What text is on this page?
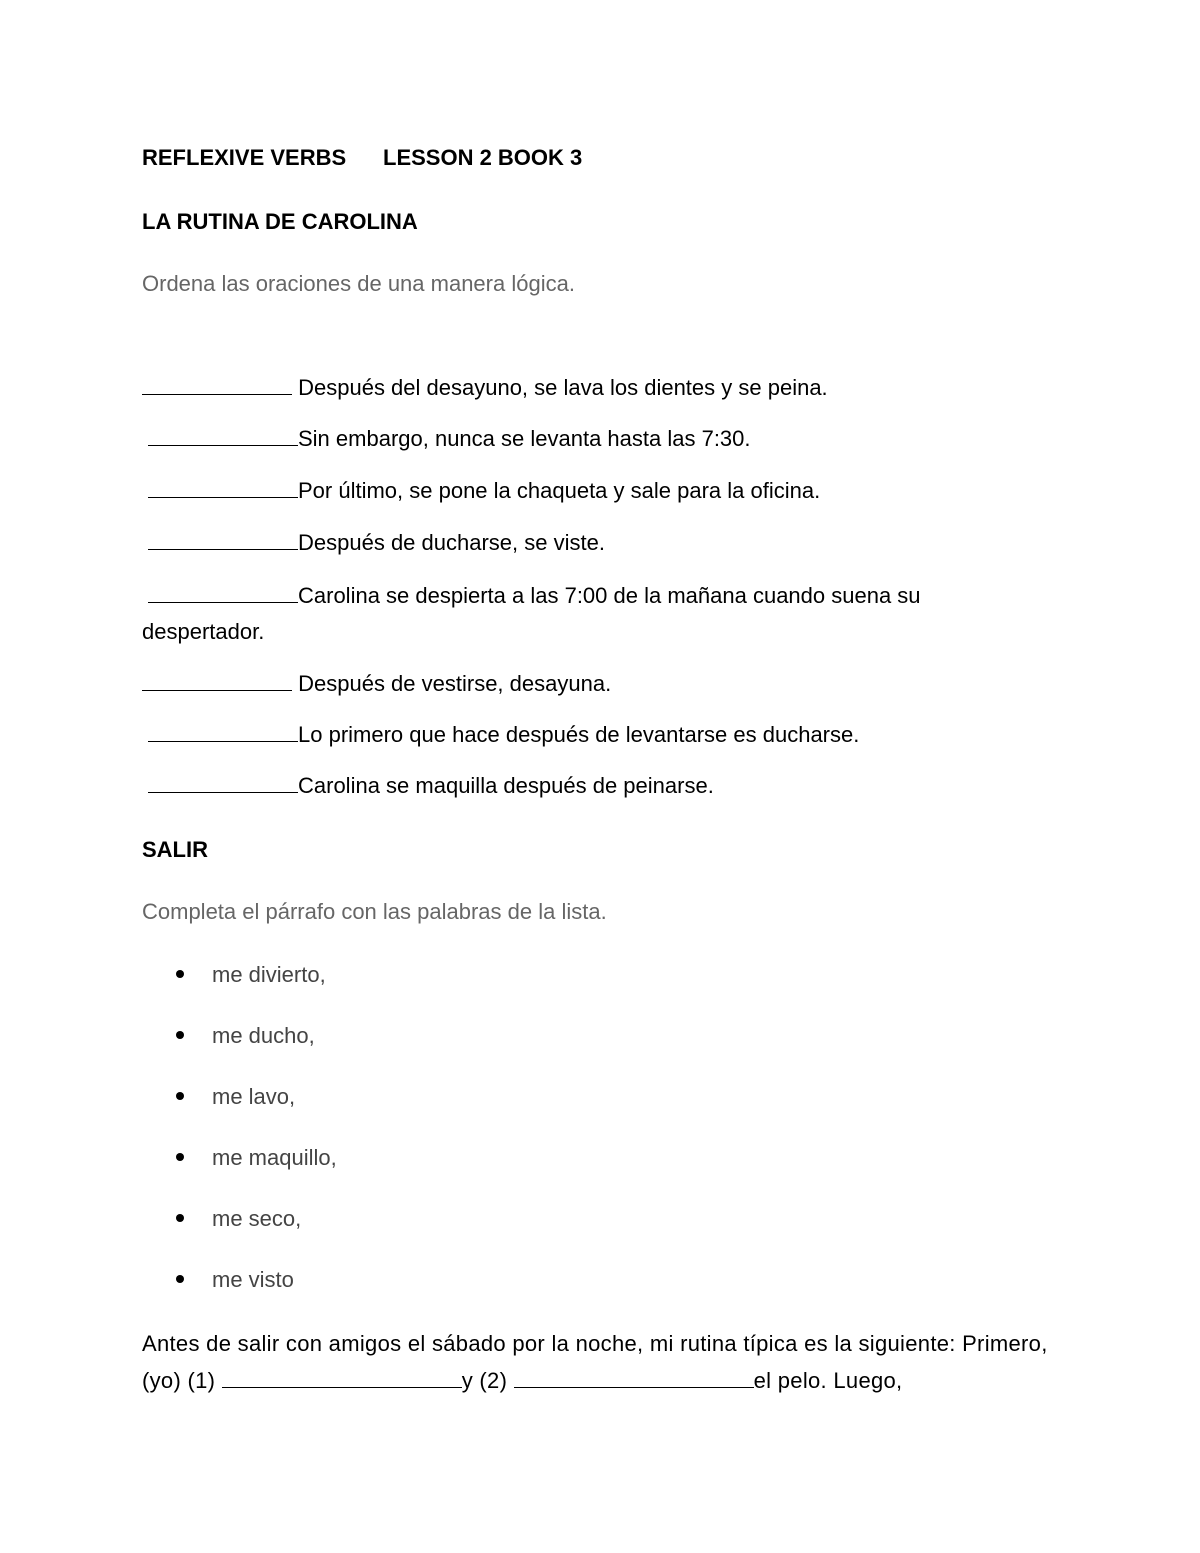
REFLEXIVE VERBS LESSON 2 BOOK 3
LA RUTINA DE CAROLINA
Ordena las oraciones de una manera lógica.
Después del desayuno, se lava los dientes y se peina.
Sin embargo, nunca se levanta hasta las 7:30.
Por último, se pone la chaqueta y sale para la oficina.
Después de ducharse, se viste.
Carolina se despierta a las 7:00 de la mañana cuando suena su despertador.
Después de vestirse, desayuna.
Lo primero que hace después de levantarse es ducharse.
Carolina se maquilla después de peinarse.
SALIR
Completa el párrafo con las palabras de la lista.
me divierto,
me ducho,
me lavo,
me maquillo,
me seco,
me visto
Antes de salir con amigos el sábado por la noche, mi rutina típica es la siguiente: Primero, (yo) (1)	y (2)	el pelo. Luego,
